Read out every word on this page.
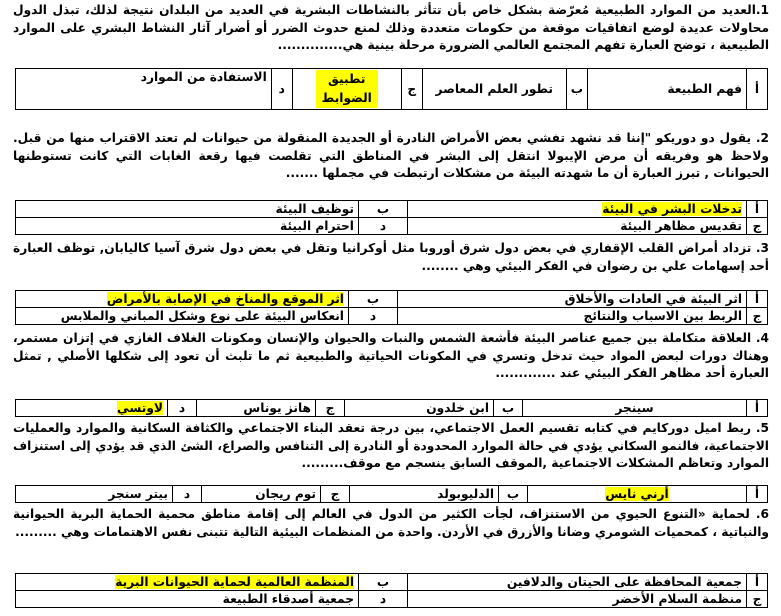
1.العديد من الموارد الطبيعية مُعرّضة بشكل خاص بأن تتأثر بالنشاطات البشرية في العديد من البلدان نتيجة لذلك، تبذل الدول محاولات عديدة لوضع اتفاقيات موقعة من حكومات متعددة وذلك لمنع حدوث الضرر أو أضرار آثار النشاط البشري على الموارد الطبيعية ، توضح العبارة تفهم المجتمع العالمي الضرورة مرحلة بينية هي..............
أ	فهم الطبيعة	ب	تطور العلم المعاصر	ج	تطبيق الضوابط	د	الاستفادة من الموارد
2. يقول دو دوريكو "إننا قد نشهد تفشي بعض الأمراض النادرة أو الجديدة المنقولة من حيوانات لم تعتد الاقتراب منها من قبل. ولاحظ هو وفريقه أن مرض الإيبولا انتقل إلى البشر في المناطق التي تقلصت فيها رقعة الغابات التي كانت تستوطنها الحيوانات , تبرز العبارة أن ما شهدته البيئة من مشكلات ارتبطت في مجملها .......
أ	تدخلات البشر في البيئة	ب	توظيف البيئة
ج	تقديس مظاهر البيئة	د	احترام البيئة
3. تزداد أمراض القلب الإقفاري في بعض دول شرق أوروبا مثل أوكرانيا وتقل في بعض دول شرق آسيا كاليابان, توظف العبارة أحد إسهامات علي بن رضوان في الفكر البيئي وهي ........
أ	اثر البيئة في العادات والأخلاق	ب	اثر الموقع والمناخ في الإصابة بالأمراض
ج	الربط بين الاسباب والنتائج	د	انعكاس البيئة على نوع وشكل المباني والملابس
4. العلاقة متكاملة بين جميع عناصر البيئة فأشعة الشمس والنبات والحيوان والإنسان ومكونات الغلاف الغازي في إتزان مستمر، وهناك دورات لبعض المواد حيث تدخل وتسري في المكونات الحياتية والطبيعية ثم ما تلبث أن تعود إلى شكلها الأصلي , تمثل العبارة أحد مظاهر الفكر البيئي عند .............
أ	سينجر	ب	ابن خلدون	ج	هانز يوناس	د	لاوتسي
5. ربط اميل دوركايم في كتابه تقسيم العمل الاجتماعي، بين درجة تعقد البناء الاجتماعي والكثافة السكانية والموارد والعمليات الاجتماعية، فالنمو السكاني يؤدي في حالة الموارد المحدودة أو النادرة إلى التنافس والصراع، الشئ الذي قد يؤدي إلى استنزاف الموارد وتعاظم المشكلات الاجتماعية ,الموقف السابق ينسجم مع موقف.........
أ	أرني نايس	ب	الدليوبولد	ج	توم ريجان	د	بيتر سنجر
6. لحماية «التنوع الحيوي من الاستنزاف، لجأت الكثير من الدول في العالم إلى إقامة مناطق محمية الحماية البرية الحيوانية والنباتية ، كمحميات الشومري وضانا والأزرق في الأردن. واحدة من المنظمات البيئية التالية تتبنى نفس الاهتمامات وهي .........
أ	جمعية المحافظة على الحيتان والدلافين	ب	المنظمة العالمية لحماية الحيوانات البرية
ج	منظمة السلام الأخضر	د	جمعية أصدقاء الطبيعة
